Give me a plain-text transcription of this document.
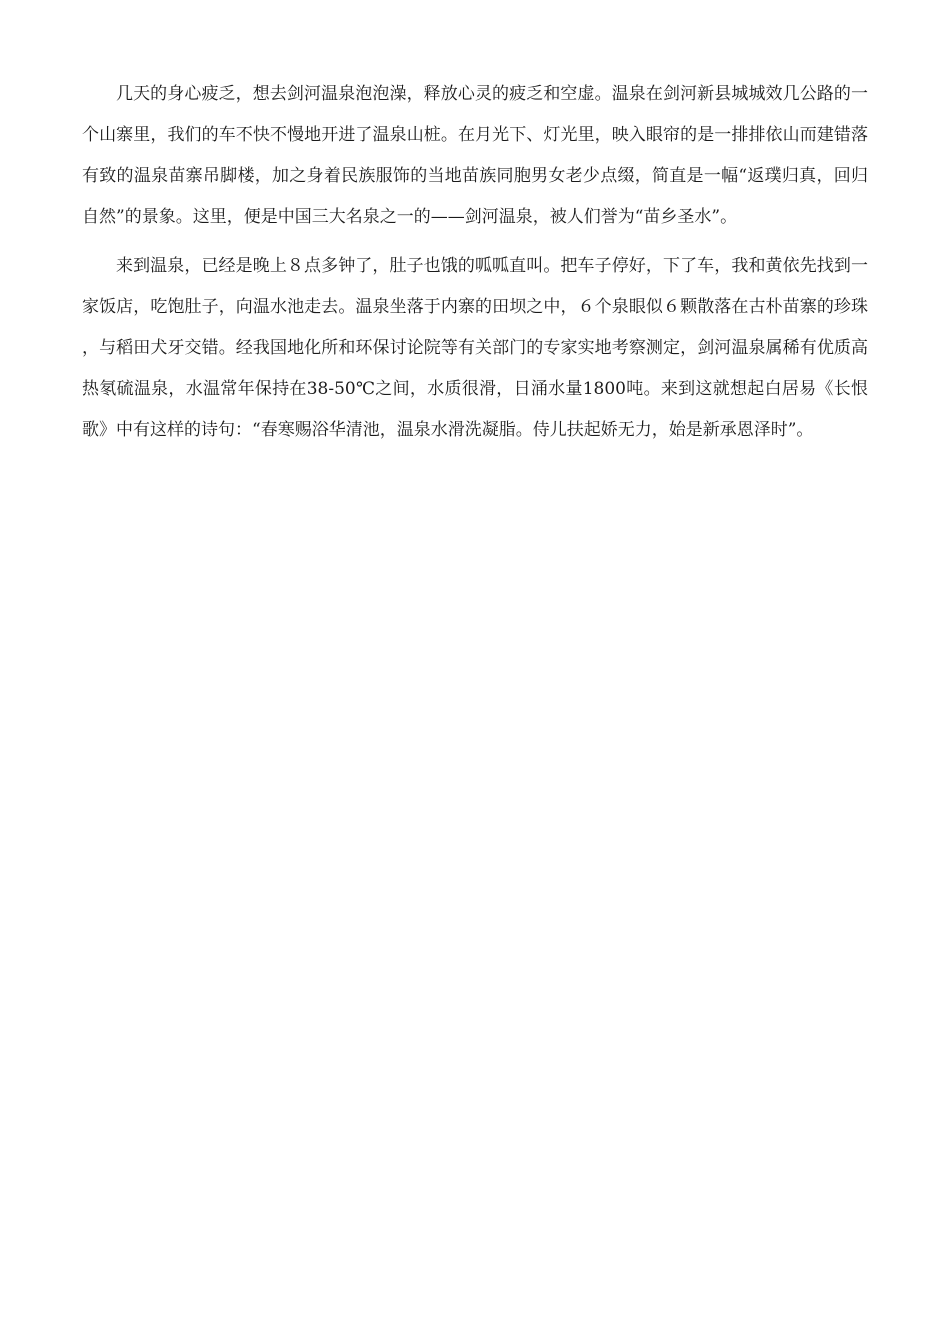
几天的身心疲乏，想去剑河温泉泡泡澡，释放心灵的疲乏和空虚。温泉在剑河新县城城效几公路的一个山寨里，我们的车不快不慢地开进了温泉山桩。在月光下、灯光里，映入眼帘的是一排排依山而建错落有致的温泉苗寨吊脚楼，加之身着民族服饰的当地苗族同胞男女老少点缀，简直是一幅“返璞归真，回归自然”的景象。这里，便是中国三大名泉之一的——剑河温泉，被人们誉为“苗乡圣水”。

来到温泉，已经是晚上８点多钟了，肚子也饿的呱呱直叫。把车子停好，下了车，我和黄依先找到一家饭店，吃饱肚子，向温水池走去。温泉坐落于内寨的田坝之中，６个泉眼似６颗散落在古朴苗寨的珍珠，与稻田犬牙交错。经我国地化所和环保讨论院等有关部门的专家实地考察测定，剑河温泉属稀有优质高热氡硫温泉，水温常年保持在38-50℃之间，水质很滑，日涌水量1800吨。来到这就想起白居易《长恨歌》中有这样的诗句：“春寒赐浴华清池，温泉水滑洗凝脂。侍儿扶起娇无力，始是新承恩泽时”。
